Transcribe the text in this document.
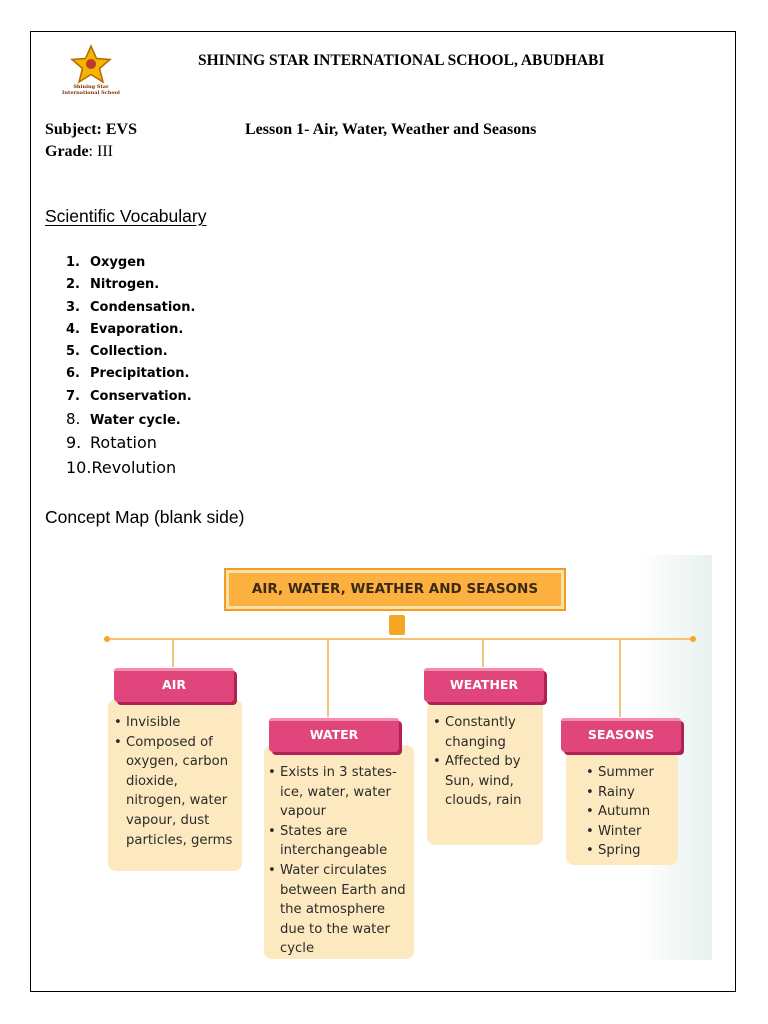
Shining Star International School
SHINING STAR INTERNATIONAL SCHOOL, ABUDHABI
Subject: EVS	Lesson 1- Air, Water, Weather and Seasons
Grade: III
Scientific Vocabulary
1. Oxygen
2. Nitrogen.
3. Condensation.
4. Evaporation.
5. Collection.
6. Precipitation.
7. Conservation.
8. Water cycle.
9. Rotation
10.Revolution
Concept Map (blank side)
AIR, WATER, WEATHER AND SEASONS
• Invisible
• Composed of oxygen, carbon dioxide, nitrogen, water vapour, dust particles, germs
AIR
• Exists in 3 states- ice, water, water vapour
• States are interchangeable
• Water circulates between Earth and the atmosphere due to the water cycle
WATER
• Constantly changing
• Affected by Sun, wind, clouds, rain
WEATHER
• Summer
• Rainy
• Autumn
• Winter
• Spring
SEASONS
